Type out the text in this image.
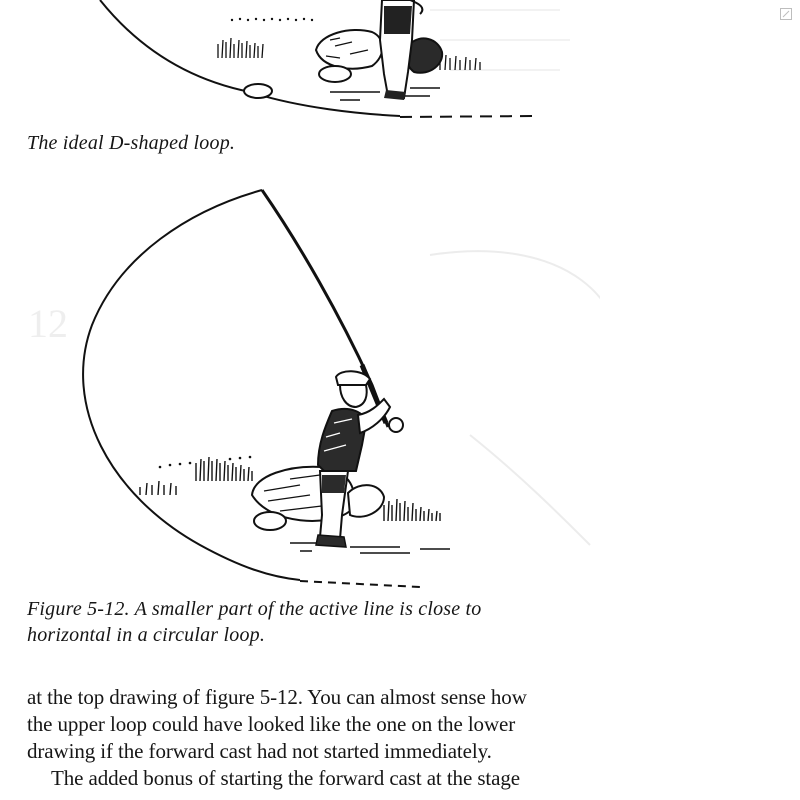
The ideal D-shaped loop.
12
Figure 5-12. A smaller part of the active line is close to
horizontal in a circular loop.
at the top drawing of figure 5-12. You can almost sense how
the upper loop could have looked like the one on the lower
drawing if the forward cast had not started immediately.
The added bonus of starting the forward cast at the stage
